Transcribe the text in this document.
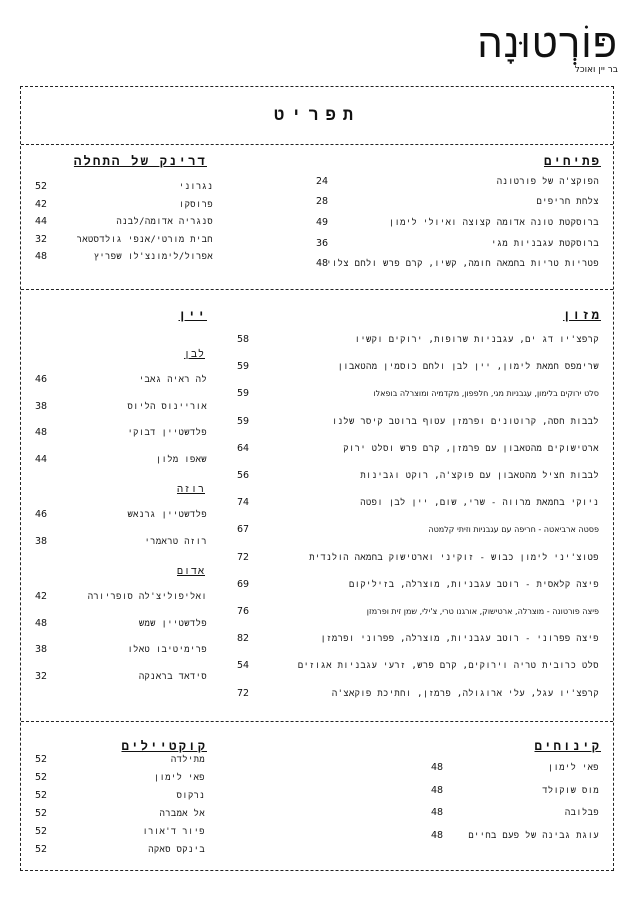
פּוֹרְטוּנָה
בר יין ואוכל
תפריט
פתיחים
הפוקצ'ה של פורטונה
24
צלחת חריפים
28
ברוסקטת טונה אדומה קצוצה ואיולי לימון
49
ברוסקטת עגבניות מגי
36
פטריות טריות בחמאה חומה, קשיו, קרם פרש ולחם צלוי
48
דרינק של התחלה
נגרוני
52
פרוסקו
42
סנגריה אדומה/לבנה
44
חבית מורטי/אנפי גולדסטאר
32
אפרול/לימונצ'לו שפריץ
48
מזון
קרפצ'יו דג ים, עגבניות שרופות, ירוקים וקשיו
58
שרימפס חמאת לימון, יין לבן ולחם כוסמין מהטאבון
59
סלט ירוקים בלימון, עגבניות מגי, חלפפון, מקדמיה ומוצרלה בופאלו
59
לבבות חסה, קרוטונים ופרמזן עטוף ברוטב קיסר שלנו
59
ארטישוקים מהטאבון עם פרמזן, קרם פרש וסלט ירוק
64
לבבות חציל מהטאבון עם פוקצ'ה, רוקט וגבינות
56
ניוקי בחמאת מרווה - שרי, שום, יין לבן ופטה
74
פסטה ארביאטה - חריפה עם עגבניות וזיתי קלמטה
67
פטוצ'יני לימון כבוש - זוקיני וארטישוק בחמאה הולנדית
72
פיצה קלאסית - רוטב עגבניות, מוצרלה, בזיליקום
69
פיצה פורטונה - מוצרלה, ארטישוק, אורגנו טרי, צ'ילי, שמן זית ופרמזן
76
פיצה פפרוני - רוטב עגבניות, מוצרלה, פפרוני ופרמזן
82
סלט כרובית טריה וירוקים, קרם פרש, זרעי עגבניות אגוזים
54
קרפצ'יו עגל, עלי ארוגולה, פרמזן, וחתיכת פוקאצ'ה
72
יין
לבן
לה ראיה גאבי
46
אוריינוס הליוס
38
פלדשטיין דבוקי
48
שאפו מלון
44
רוזה
פלדשטיין גרנאש
46
רוזה טראמרי
38
אדום
ואליפוליצ'לה סופריורה
42
פלדשטיין שמש
48
פרימיטיבו טאלו
38
סידאד בראנקה
32
קינוחים
פאי לימון
48
מוס שוקולד
48
פבלובה
48
עוגת גבינה של פעם בחיים
48
קוקטיילים
מתילדה
52
פאי לימון
52
נרקוס
52
אל אמברה
52
פיור ד'אורו
52
בינקס סאקה
52
